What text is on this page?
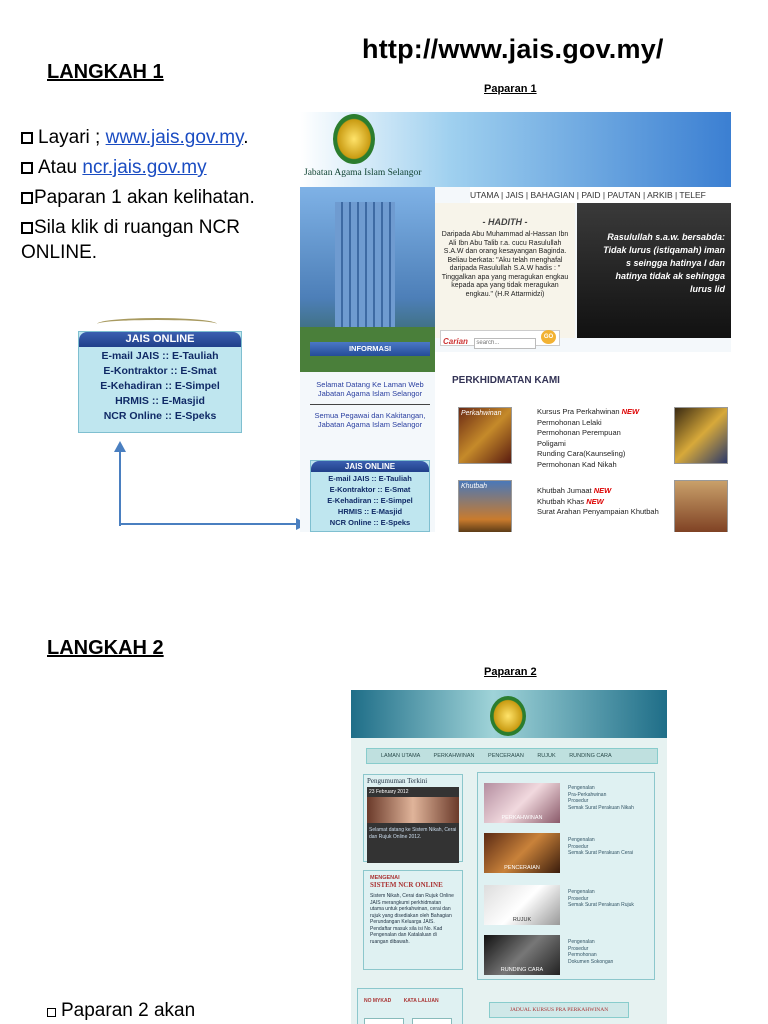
http://www.jais.gov.my/
LANGKAH 1
Paparan 1
Layari ; www.jais.gov.my.
Atau ncr.jais.gov.my
Paparan 1 akan kelihatan.
Sila klik di ruangan NCR ONLINE.
JAIS ONLINE
E-mail JAIS :: E-Tauliah
E-Kontraktor :: E-Smat
E-Kehadiran :: E-Simpel
HRMIS :: E-Masjid
NCR Online :: E-Speks
Jabatan Agama Islam Selangor
UTAMA | JAIS | BAHAGIAN | PAID | PAUTAN | ARKIB | TELEF
- HADITH -
Daripada Abu Muhammad al-Hassan Ibn Ali Ibn Abu Talib r.a. cucu Rasulullah S.A.W dan orang kesayangan Baginda. Beliau berkata: "Aku telah menghafal daripada Rasulullah S.A.W hadis : " Tinggalkan apa yang meragukan engkau kepada apa yang tidak meragukan engkau." (H.R Attarmidzi)
Rasulullah s.a.w. bersabda: Tidak lurus (istiqamah) iman s seingga hatinya l dan hatinya tidak ak sehingga lurus lid
INFORMASI
Selamat Datang Ke Laman Web Jabatan Agama Islam Selangor
Semua Pegawai dan Kakitangan, Jabatan Agama Islam Selangor
Carian search...	GO
PERKHIDMATAN KAMI
Perkahwinan	Kursus Pra Perkahwinan NEW
Permohonan Lelaki
Permohonan Perempuan
Poligami
Runding Cara(Kaunseling)
Permohonan Kad Nikah
Khutbah	Khutbah Jumaat NEW
Khutbah Khas NEW
Surat Arahan Penyampaian Khutbah
JAIS ONLINE
E-mail JAIS :: E-Tauliah
E-Kontraktor :: E-Smat
E-Kehadiran :: E-Simpel
HRMIS :: E-Masjid
NCR Online :: E-Speks
LANGKAH 2
Paparan 2
LAMAN UTAMA PERKAHWINAN PENCERAIAN RUJUK RUNDING CARA
Pengumuman Terkini
23 February 2012
Selamat datang ke Sistem Nikah, Cerai dan Rujuk Online 2012.
MENGENAI
SISTEM NCR ONLINE
Sistem Nikah, Cerai dan Rujuk Online JAIS merangkumi perkhidmatan utama untuk perkahwinan, cerai dan rujuk yang disediakan oleh Bahagian Perundangan Keluarga JAIS. Pendaftar masuk sila isi No. Kad Pengenalan dan Katalaluan di ruangan dibawah.
NO MYKAD KATA LALUAN

PERKAHWINAN
Pengenalan
Pra-Perkahwinan
Prosedur
Semak Surat Perakuan Nikah
PENCERAIAN
Pengenalan
Prosedur
Semak Surat Perakuan Cerai
RUJUK
Pengenalan
Prosedur
Semak Surat Perakuan Rujuk
RUNDING CARA
Pengenalan
Prosedur
Permohonan
Dokumen Sokongan
JADUAL KURSUS PRA PERKAHWINAN
Paparan 2 akan
